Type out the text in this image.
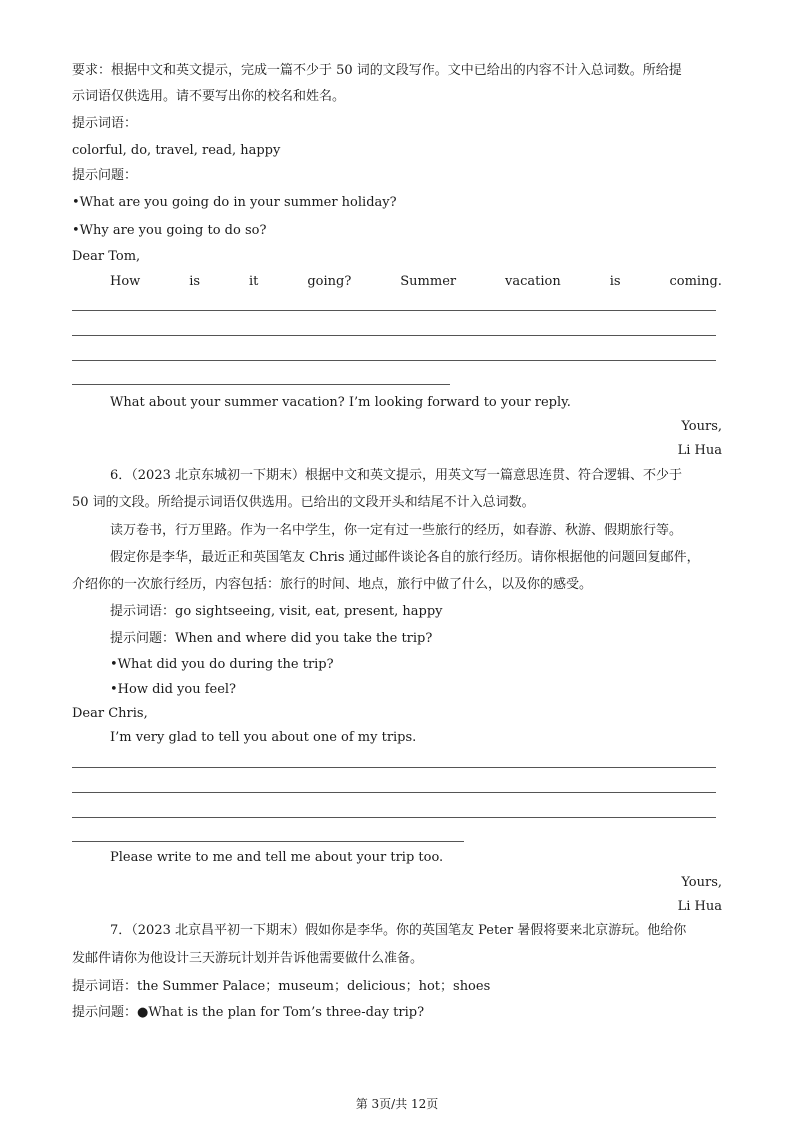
要求：根据中文和英文提示，完成一篇不少于 50 词的文段写作。文中已给出的内容不计入总词数。所给提
示词语仅供选用。请不要写出你的校名和姓名。
提示词语：
colorful, do, travel, read, happy
提示问题：
•What are you going do in your summer holiday?
•Why are you going to do so?
Dear Tom,
How	is	it	going?	Summer	vacation	is	coming.
What about your summer vacation? I’m looking forward to your reply.
Yours,
Li Hua
6．（2023 北京东城初一下期末）根据中文和英文提示，用英文写一篇意思连贯、符合逻辑、不少于
50 词的文段。所给提示词语仅供选用。已给出的文段开头和结尾不计入总词数。
读万卷书，行万里路。作为一名中学生，你一定有过一些旅行的经历，如春游、秋游、假期旅行等。
假定你是李华，最近正和英国笔友 Chris 通过邮件谈论各自的旅行经历。请你根据他的问题回复邮件，
介绍你的一次旅行经历，内容包括：旅行的时间、地点，旅行中做了什么，以及你的感受。
提示词语：go sightseeing, visit, eat, present, happy
提示问题：When and where did you take the trip?
•What did you do during the trip?
•How did you feel?
Dear Chris,
I’m very glad to tell you about one of my trips.
Please write to me and tell me about your trip too.
Yours,
Li Hua
7．（2023 北京昌平初一下期末）假如你是李华。你的英国笔友 Peter 暑假将要来北京游玩。他给你
发邮件请你为他设计三天游玩计划并告诉他需要做什么准备。
提示词语：the Summer Palace；museum；delicious；hot；shoes
提示问题：●What is the plan for Tom’s three-day trip?
第 3页/共 12页
